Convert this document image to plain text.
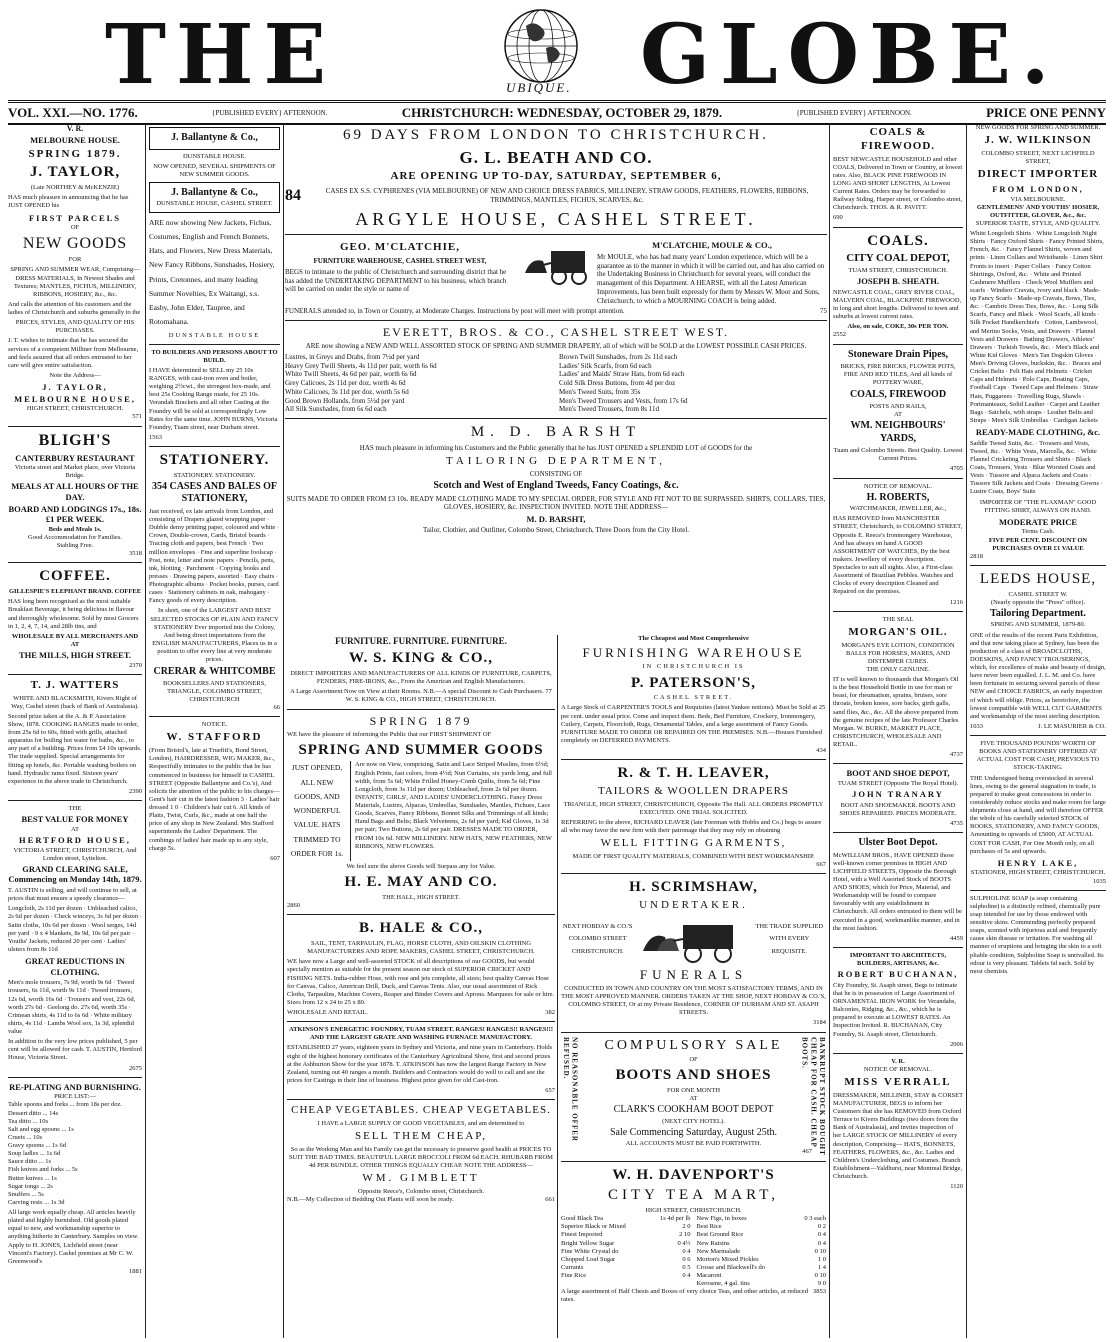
THE	UBIQUE. GLOBE.
VOL. XXI.—NO. 1776.	{PUBLISHED EVERY} AFTERNOON.	CHRISTCHURCH: WEDNESDAY, OCTOBER 29, 1879.	{PUBLISHED EVERY} AFTERNOON.	PRICE ONE PENNY
V. R.
MELBOURNE HOUSE.
SPRING 1879.
J. TAYLOR,
(Late NORTHEY & McKENZIE)

HAS much pleasure in announcing that he has JUST OPENED his

FIRST PARCELS
OF
NEW GOODS
FOR

SPRING AND SUMMER WEAR, Comprising— DRESS MATERIALS, In Newest Shades and Textures; MANTLES, FICHUS, MILLINERY, RIBBONS, HOSIERY, &c., &c.

And calls the attention of his customers and the ladies of Christchurch and suburbs generally to the

PRICES, STYLES, AND QUALITY OF HIS PURCHASES.

J. T. wishes to intimate that he has secured the services of a competent Milliner from Melbourne, and feels assured that all orders entrusted to her care will give entire satisfaction.

Note the Address—

J. TAYLOR,
MELBOURNE HOUSE,
HIGH STREET, CHRISTCHURCH.
571
BLIGH'S
CANTERBURY RESTAURANT
Victoria street and Market place, over Victoria Bridge.
MEALS AT ALL HOURS OF THE DAY.
BOARD AND LODGINGS 17s., 18s. £1 PER WEEK.
Beds and Meals 1s.
Good Accommodation for Families.
Stabling Free.
3518
COFFEE.
GILLESPIE'S ELEPHANT BRAND. COFFEE

HAS long been recognised as the most suitable Breakfast Beverage, it being delicious in flavour and thoroughly wholesome. Sold by most Grocers in 1, 2, 4, 7, 14, and 28lb tins, and

WHOLESALE BY ALL MERCHANTS AND AT
THE MILLS, HIGH STREET.
2370
T. J. WATTERS
WHITE AND BLACKSMITH, Kivers Right of Way, Cashel street (back of Bank of Australasia).

Second prize taken at the A. & P. Association Show, 1878. COOKING RANGES made to order, from 25s 6d to 60s, fitted with grills, attached apparatus for boiling hot water for baths, &c., to any part of a building. Prices from £4 10s upwards. The trade supplied. Special arrangements for fitting up hotels, &c. Portable washing boilers on hand. Hydraulic rams fixed. Sixteen years' experience in the above trade in Christchurch.

2390
THE
BEST VALUE FOR MONEY
AT
HERTFORD HOUSE,
VICTORIA STREET, CHRISTCHURCH, And London street, Lyttelton.
GRAND CLEARING SALE, Commencing on Monday 14th, 1879.

T. AUSTIN is selling, and will continue to sell, at prices that must ensure a speedy clearance—

Longcloth, 2s 11d per dozen · Unbleached calico, 2s 6d per dozen · Check winceys, 3s 6d per dozen · Satin cloths, 10s 6d per dozen · Wool serges, 14d per yard · 9 x 4 blankets, 8s 9d, 10s 6d per pair · Youths' Jackets, reduced 20 per cent · Ladies' ulsters from 8s 11d

GREAT REDUCTIONS IN CLOTHING.

Men's mole trousers, 7s 9d, worth 9s 6d · Tweed trousers, 6s 11d, worth 9s 11d · Tweed trousers, 12s 6d, worth 16s 6d · Trousers and vest, 22s 6d, worth 27s 6d · Geelong do. 27s 6d, worth 35s · Crimean shirts, 4s 11d to 6s 6d · White military shirts, 4s 11d · Lambs Wool sox, 1s 3d, splendid value

In addition to the very low prices published, 5 per cent will be allowed for cash. T. AUSTIN, Hertford House, Victoria Street.

2675
RE-PLATING AND BURNISHING.
PRICE LIST:—
Table spoons and forks ... from 18s per doz.
Dessert ditto ... 14s
Tea ditto ... 10s
Salt and egg spoons ... 1s
Cruets ... 10s
Gravy spoons ... 1s 6d
Soup ladles ... 1s 6d
Sauce ditto ... 1s
Fish knives and forks ... 5s
Butter knives ... 1s
Sugar tongs ... 2s
Snuffers ... 5s
Carving rests ... 1s 3d

All large work equally cheap. All articles heavily plated and highly burnished. Old goods plated equal to new, and workmanship superior to anything hitherto in Canterbury. Samples on view. Apply to H. JONES, Lichfield street (near Vincent's Factory). Cashel premises at Mr C. W. Greenwood's

1881
J. Ballantyne & Co.,
DUNSTABLE HOUSE.

NOW OPENED, SEVERAL SHIPMENTS OF NEW SUMMER GOODS.

J. Ballantyne & Co.,
DUNSTABLE HOUSE, CASHEL STREET.

ARE now showing New Jackets, Fichus, Costumes, English and French Bonnets, Hats, and Flowers, New Dress Materials, New Fancy Ribbons, Sunshades, Hosiery, Prints, Cretonnes, and many leading Summer Novelties, Ex Waitangi, s.s. Easby, John Elder, Taupree, and Rotomahana.

DUNSTABLE HOUSE
TO BUILDERS AND PERSONS ABOUT TO BUILD.

I HAVE determined to SELL my 25 10s RANGES, with cast-iron oven and boiler, weighing 2½cwt., the strongest box-made, and best 25s Cooking Range made, for 25 10s. Verandah Brackets and all other Casting at the Foundry will be sold at correspondingly Low Rates for the same time. JOHN BURNS, Victoria Foundry, Tuam street, near Durham street.

1563
STATIONERY.
STATIONERY. STATIONERY.
354 CASES AND BALES OF STATIONERY,

Just received, ex late arrivals from London, and consisting of Drapers glazed wrapping paper · Dubble demy printing paper, coloured and white · Crown, Double-crown, Cards, Bristol boards · Tracing cloth and papers, best French · Two million envelopes · Fine and superfine foolscap · Post, note, letter and note papers · Pencils, pens, ink, blotting · Parchment · Copying books and presses · Drawing papers, assorted · Easy chairs · Photographic albums · Pocket books, purses, card cases · Stationery cabinets in oak, mahogany · Fancy goods of every description.

In short, one of the LARGEST AND BEST SELECTED STOCKS OF PLAIN AND FANCY STATIONERY Ever imported into the Colony, And being direct importations from the ENGLISH MANUFACTURERS, Places us in a position to offer every line at very moderate prices.

CRERAR & WHITCOMBE
BOOKSELLERS AND STATIONERS, TRIANGLE, COLOMBO STREET, CHRISTCHURCH
66
NOTICE.
W. STAFFORD

(From Bristol's, late at Truefitt's, Bond Street, London), HAIRDRESSER, WIG MAKER, &c., Respectfully intimates to the public that he has commenced in business for himself in CASHEL STREET (Opposite Ballantyne and Co.'s), And solicits the attention of the public to his charges— Gent's hair cut in the latest fashion 3 · Ladies' hair dressed 1 0 · Children's hair cut 6. All kinds of Plaits, Twist, Curls, &c., made at one half the price of any shop in New Zealand. Mrs Stafford superintends the Ladies' Department. The combings of ladies' hair made up to any style, charge 5s.

607
69 DAYS FROM LONDON TO CHRISTCHURCH.
G. L. BEATH AND CO.
ARE OPENING UP TO-DAY, SATURDAY, SEPTEMBER 6,
84	CASES EX S.S. CYPHRENES (VIA MELBOURNE) OF NEW AND CHOICE DRESS FABRICS, MILLINERY, STRAW GOODS, FEATHERS, FLOWERS, RIBBONS, TRIMMINGS, MANTLES, FICHUS, SCARVES, &c.
ARGYLE HOUSE, CASHEL STREET.
GEO. M'CLATCHIE,
FURNITURE WAREHOUSE, CASHEL STREET WEST,

BEGS to intimate to the public of Christchurch and surrounding district that he has added the UNDERTAKING DEPARTMENT to his business, which branch will be carried on under the style or name of

M'CLATCHIE, MOULE & CO.,

Mr MOULE, who has had many years' London experience, which will be a guarantee as to the manner in which it will be carried out, and has also carried on the Undertaking Business in Christchurch for several years, will conduct the management of this Department. A HEARSE, with all the Latest American Improvements, has been built expressly for them by Messrs W. Moor and Sons, Christchurch, to which a MOURNING COACH is being added.

FUNERALS attended to, in Town or Country, at Moderate Charges. Instructions by post will meet with prompt attention.	75
EVERETT, BROS. & CO., CASHEL STREET WEST.

ARE now showing a NEW AND WELL ASSORTED STOCK OF SPRING AND SUMMER DRAPERY, all of which will be SOLD at the LOWEST POSSIBLE CASH PRICES.

Lustres, in Greys and Drabs, from 7½d per yard
Heavy Grey Twill Sheets, 4s 11d per pair, worth 6s 6d
White Twill Sheets, 4s 6d per pair, worth 6s 6d
Grey Calicoes, 2s 11d per doz, worth 4s 6d
White Calicoes, 3s 11d per doz, worth 5s 6d
Good Brown Hollands, from 5½d per yard
All Silk Sunshades, from 6s 6d each
Brown Twill Sunshades, from 2s 11d each
Ladies' Silk Scarfs, from 6d each
Ladies' and Maids' Straw Hats, from 6d each
Cold Silk Dress Buttons, from 4d per doz
Men's Tweed Suits, from 35s
Men's Tweed Trousers and Vests, from 17s 6d
Men's Tweed Trousers, from 8s 11d
M. D. BARSHT

HAS much pleasure in informing his Customers and the Public generally that he has JUST OPENED a SPLENDID LOT of GOODS for the

TAILORING DEPARTMENT,
CONSISTING OF
Scotch and West of England Tweeds, Fancy Coatings, &c.

SUITS MADE TO ORDER FROM £3 10s. READY MADE CLOTHING MADE TO MY SPECIAL ORDER, FOR STYLE AND FIT NOT TO BE SURPASSED. SHIRTS, COLLARS, TIES, GLOVES, HOSIERY, &c. INSPECTION INVITED. NOTE THE ADDRESS—

M. D. BARSHT,
Tailor, Clothier, and Outfitter, Colombo Street, Christchurch, Three Doors from the City Hotel.
FURNITURE. FURNITURE. FURNITURE.
W. S. KING & CO.,

DIRECT IMPORTERS AND MANUFACTURERS OF ALL KINDS OF FURNITURE, CARPETS, FENDERS, FIRE-IRONS, &c., From the American and English Manufacturers.

A Large Assortment Now on View at their Rooms. N.B.—A special Discount to Cash Purchasers. 77 W. S. KING & CO., HIGH STREET, CHRISTCHURCH.

SPRING 1879

WE have the pleasure of informing the Public that our FIRST SHIPMENT OF

SPRING AND SUMMER GOODS
JUST OPENED, ALL NEW GOODS, AND WONDERFUL VALUE. HATS TRIMMED TO ORDER FOR 1s.

Are now on View, comprising, Satin and Lace Striped Muslins, from 6½d; English Prints, fast colors, from 4½d; Nun Curtains, six yards long, and full width, from 5s 6d; White Frilled Honey-Comb Quilts, from 5s 6d; Fine Longcloth, from 3s 11d per dozen; Unbleached, from 2s 6d per dozen. INFANTS', GIRLS', AND LADIES' UNDERCLOTHING. Fancy Dress Materials, Lustres, Alpacas, Umbrellas, Sunshades, Mantles, Fichues, Lace Goods, Scarves, Fancy Ribbons, Bonnet Silks and Trimmings of all kinds; Hand Bags and Belts; Black Velveteens, 2s 6d per yard; Kid Gloves, 1s 3d per pair; Two Buttons, 2s 6d per pair. DRESSES MADE TO ORDER, FROM 10s 6d. NEW MILLINERY. NEW HATS, NEW FEATHERS, NEW RIBBONS, NEW FLOWERS.

We feel sure the above Goods will Surpass any for Value.

H. E. MAY AND CO.
THE HALL, HIGH STREET.
2860
B. HALE & CO.,
SAIL, TENT, TARPAULIN, FLAG, HORSE CLOTH, AND OILSKIN CLOTHING MANUFACTURERS AND ROPE MAKERS, CASHEL STREET, CHRISTCHURCH.

WE have now a Large and well-assorted STOCK of all descriptions of our GOODS, but would specially mention as suitable for the present season our stock of SUPERIOR CRICKET AND FISHING NETS. India-rubber Hose, with rose and jets complete, all sizes; best quality Canvas Hose for Canvas, Calico, American Drill, Duck, and Canvas Tents. Also, our usual assortment of Rick Cloths, Tarpaulins, Machine Covers, Reaper and Binder Covers and Aprons. Marquees for sale or hire. Sizes from 12 x 24 to 25 x 80.

WHOLESALE AND RETAIL.	382
ATKINSON'S ENERGETIC FOUNDRY, TUAM STREET. RANGES! RANGES!! RANGES!!! AND THE LARGEST GRATE AND WASHING FURNACE MANUFACTORY.

ESTABLISHED 27 years, eighteen years in Sydney and Victoria, and nine years in Canterbury. Holds eight of the highest honorary certificates of the Canterbury Agricultural Show, first and second prizes at the Ashburton Show for the year 1878. T. ATKINSON has now the largest Range Factory in New Zealand, turning out 40 ranges a month. Builders and Contractors would do well to call and see the prices for Castings in their line of business. Highest price given for old Cast-iron.

657
CHEAP VEGETABLES. CHEAP VEGETABLES.

I HAVE a LARGE SUPPLY OF GOOD VEGETABLES, and am determined to

SELL THEM CHEAP,

So as the Working Man and his Family can get the necessary to preserve good health at PRICES TO SUIT THE BAD TIMES. BEAUTIFUL LARGE BROCCOLI FROM 6d EACH. RHUBARB FROM 4d PER BUNDLE. OTHER THINGS EQUALLY CHEAP. NOTE THE ADDRESS—

WM. GIMBLETT
Opposite Reece's, Colombo street, Christchurch.
N.B.—My Collection of Bedding Out Plants will soon be ready.	661
The Cheapest and Most Comprehensive
FURNISHING WAREHOUSE
IN CHRISTCHURCH IS
P. PATERSON'S,
CASHEL STREET.

A Large Stock of CARPENTER'S TOOLS and Requisites (latest Yankee notions). Must be Sold at 25 per cent. under usual price. Come and inspect them. Beds, Bed Furniture, Crockery, Ironmongery, Cutlery, Carpets, Floorcloth, Rugs, Ornamental Tables, and a large assortment of Fancy Goods. FURNITURE MADE TO ORDER OR REPAIRED ON THE PREMISES. N.B.—Houses Furnished completely on DEFERRED PAYMENTS.

434
R. & T. H. LEAVER,
TAILORS & WOOLLEN DRAPERS

TRIANGLE, HIGH STREET, CHRISTCHURCH, Opposite The Hall. ALL ORDERS PROMPTLY EXECUTED. ONE TRIAL SOLICITED.

REFERRING to the above, RICHARD LEAVER (late Foreman with Hobbs and Co.) begs to assure all who may favor the new firm with their patronage that they may rely on obtaining

WELL FITTING GARMENTS,
MADE OF FIRST QUALITY MATERIALS, COMBINED WITH BEST WORKMANSHIP.
667
H. SCRIMSHAW,
UNDERTAKER.
NEXT HOBDAY & CO.'S COLOMBO STREET CHRISTCHURCH.
THE TRADE SUPPLIED WITH EVERY REQUISITE.
FUNERALS

CONDUCTED IN TOWN AND COUNTRY ON THE MOST SATISFACTORY TERMS, AND IN THE MOST APPROVED MANNER. ORDERS TAKEN AT THE SHOP, NEXT HOBDAY & CO.'S, COLOMBO STREET, Or at my Private Residence, CORNER OF DURHAM AND ST. ASAPH STREETS.

3184
NO REASONABLE OFFER REFUSED.	BANKRUPT STOCK BOUGHT CHEAP FOR CASH. CHEAP BOOTS.
COMPULSORY SALE
OF
BOOTS AND SHOES
FOR ONE MONTH
AT
CLARK'S COOKHAM BOOT DEPOT
(NEXT CITY HOTEL).
Sale Commencing Saturday, August 25th.
ALL ACCOUNTS MUST BE PAID FORTHWITH.
467
W. H. DAVENPORT'S
CITY TEA MART,
HIGH STREET, CHRISTCHURCH.
Good Black Tea	1s 4d per lb
Superior Black or Mixed	2 0
Finest Imported	2 10
Bright Yellow Sugar	0 4½
Fine White Crystal do	0 4
Chopped Loaf Sugar	0 6
Currants	0 5
Fine Rice	0 4
New Figs, in boxes	0 3 each
Best Rice	0 2
Best Ground Rice	0 4
New Raisins	0 4
New Marmalade	0 10
Morton's Mixed Pickles	1 0
Crosse and Blackwell's do	1 4
Macaroni	0 10
Kerosene, 4 gal. tins	9 0
A large assortment of Half Chests and Boxes of very choice Teas, and other articles, at reduced rates.
3853
COALS & FIREWOOD.

BEST NEWCASTLE HOUSEHOLD and other COALS, Delivered in Town or Country, at lowest rates. Also, BLACK PINE FIREWOOD IN LONG AND SHORT LENGTHS, At Lowest Current Rates. Orders may be forwarded to Railway Siding, Harper street, or Colombo street, Christchurch. THOS. & R. PAVITT.

690
COALS.
CITY COAL DEPOT,
TUAM STREET, CHRISTCHURCH.
JOSEPH B. SHEATH.

NEWCASTLE COAL, GREY RIVER COAL, MALVERN COAL, BLACKPINE FIREWOOD, in long and short lengths. Delivered to town and suburbs at lowest current rates.

Also, on sale, COKE, 30s PER TON.
2552
Stoneware Drain Pipes,

BRICKS, FIRE BRICKS, FLOWER POTS, FIRE AND RED TILES, And all kinds of POTTERY WARE,

COALS, FIREWOOD
POSTS AND RAILS,
AT
WM. NEIGHBOURS' YARDS,

Tuam and Colombo Streets. Best Quality. Lowest Current Prices.

4705
NOTICE OF REMOVAL.
H. ROBERTS,
WATCHMAKER, JEWELLER, &c.,

HAS REMOVED from MANCHESTER STREET, Christchurch, to COLOMBO STREET, Opposite E. Reece's Ironmongery Warehouse, And has always on hand A GOOD ASSORTMENT OF WATCHES, By the best makers. Jewellery of every description. Spectacles to suit all sights. Also, a First-class Assortment of Brazilian Pebbles. Watches and Clocks of every description Cleaned and Repaired on the premises.

1216
THE SEAL
MORGAN'S OIL.
MORGAN'S EYE LOTION, CONDITION BALLS FOR HORSES, MARES, AND DISTEMPER CURES.
THE ONLY GENUINE.

IT is well known to thousands that Morgan's Oil is the best Household Bottle in use for man or beast, for rheumatism, sprains, bruises, sore throats, broken knees, sore backs, girth galls, sand flies, &c., &c. All the above prepared from the genuine recipes of the late Professor Charles Morgan. W. BURKE, MARKET PLACE, CHRISTCHURCH, WHOLESALE AND RETAIL.

4737
BOOT AND SHOE DEPOT,
TUAM STREET (Opposite The Royal Hotel).
JOHN TRANARY

BOOT AND SHOEMAKER. BOOTS AND SHOES REPAIRED. PRICES MODERATE.

4735
Ulster Boot Depot.

McWILLIAM BROS., HAVE OPENED those well-known corner premises in HIGH AND LICHFIELD STREETS, Opposite the Borough Hotel, with a Well Assorted Stock of BOOTS AND SHOES, which for Price, Material, and Workmanship will be found to compare favourably with any establishment in Christchurch. All orders entrusted to them will be executed in a good, workmanlike manner, and in the most fashion.

4459
IMPORTANT TO ARCHITECTS, BUILDERS, ARTISANS, &c.
ROBERT BUCHANAN,

City Foundry, St. Asaph street, Begs to intimate that he is in possession of Large Assortment of ORNAMENTAL IRON WORK for Verandahs, Balconies, Ridging, &c., &c., which he is prepared to execute at LOWEST RATES. An Inspection Invited. R. BUCHANAN, City Foundry, St. Asaph street, Christchurch.

2006
V. R.
NOTICE OF REMOVAL.
MISS VERRALL

DRESSMAKER, MILLINER, STAY & CORSET MANUFACTURER, BEGS to inform her Customers that she has REMOVED from Oxford Terrace to Kivers Buildings (two doors from the Bank of Australasia), and invites inspection of her LARGE STOCK OF MILLINERY of every description, Comprising— HATS, BONNETS, FEATHERS, FLOWERS, &c., &c. Ladies and Children's Underclothing, and Costumes. Branch Establishment—Yaldhurst, near Montreal Bridge, Christchurch.

1120
NEW GOODS FOR SPRING AND SUMMER.
J. W. WILKINSON
COLOMBO STREET, NEXT LICHFIELD STREET,
DIRECT IMPORTER
FROM LONDON,
VIA MELBOURNE.
GENTLEMENS' AND YOUTHS' HOSIER, OUTFITTER, GLOVER, &c., &c.
SUPERIOR TASTE, STYLE, AND QUALITY.

White Longcloth Shirts · White Longcloth Night Shirts · Fancy Oxford Shirts · Fancy Printed Shirts, French, &c. · Fancy Flannel Shirts, woven and prints · Linen Collars and Wristbands · Linen Shirt Fronts to insert · Paper Collars · Fancy Cotton Shirtings, Oxford, &c. · White and Printed Cashmere Mufflers · Check Wool Mufflers and scarfs · Windsor Cravats, ivory and black · Made-up Fancy Scarfs · Made-up Cravats, Bows, Ties, &c. · Cambric Dress Ties, Bows, &c. · Long Silk Scarfs, Fancy and Black · Wool Scarfs, all kinds · Silk Pocket Handkerchiefs · Cotton, Lambswool, and Merino Socks, Vests, and Drawers · Flannel Vests and Drawers · Bathing Drawers, Athletes' Drawers · Turkish Towels, &c. · Men's Black and White Kid Gloves · Men's Tan Dogskin Gloves · Men's Driving Gloves, buckskin, &c. · Braces and Cricket Belts · Felt Hats and Helmets · Cricket Caps and Helmets · Polo Caps, Boating Caps, Football Caps · Tweed Caps and Helmets · Straw Hats, Puggarees · Travelling Rugs, Shawls · Portmanteaux, Solid Leather · Carpet and Leather Bags · Satchels, with straps · Leather Belts and Straps · Men's Silk Umbrellas · Cardigan Jackets

READY-MADE CLOTHING, &c.

Saddle Tweed Suits, &c. · Trousers and Vests, Tweed, &c. · White Vests, Marcella, &c. · White Flannel Cricketing Trousers and Shirts · Black Coats, Trousers, Vests · Blue Worsted Coats and Vests · Tussore and Alpaca Jackets and Coats · Tussore Silk Jackets and Coats · Dressing Gowns · Lustre Coats, Boys' Suits

IMPORTER OF "THE FLAXMAN" GOOD FITTING SHIRT, ALWAYS ON HAND.

MODERATE PRICE
Terms Cash.
FIVE PER CENT. DISCOUNT ON PURCHASES OVER £1 VALUE
2818
LEEDS HOUSE,
CASHEL STREET W.
(Nearly opposite the "Press" office).
Tailoring Department.
SPRING AND SUMMER, 1879-80.

ONE of the results of the recent Paris Exhibition, and that now taking place at Sydney, has been the production of a class of BROADCLOTHS, DOESKINS, AND FANCY TROUSERINGS, which, for excellence of make and beauty of design, have never been equalled. J. L. M. and Co. have been fortunate in securing several parcels of these NEW and CHOICE FABRICS, an early inspection of which will oblige. Prices, as heretofore, the lowest compatible with WELL CUT GARMENTS and workmanship of the most sterling description.

1033	J. LE MASURIER & CO.

FIVE THOUSAND POUNDS' WORTH OF BOOKS AND STATIONERY OFFERED AT ACTUAL COST FOR CASH, PREVIOUS TO STOCK-TAKING.

THE Undersigned being overstocked in several lines, owing to the general stagnation in trade, is prepared to make great concessions in order to considerably reduce stocks and make room for large shipments close at hand, and will therefore OFFER the whole of his carefully selected STOCK of BOOKS, STATIONERY, AND FANCY GOODS, Amounting to upwards of £5000, AT ACTUAL COST FOR CASH, For One Month only, on all purchases of 5s and upwards.

HENRY LAKE,
STATIONER, HIGH STREET, CHRISTCHURCH.
1035

SULPHOLINE SOAP (a soap containing sulpholine) is a distinctly refined, chemically pure soap intended for use by those endowed with sensitive skins. Commending perfectly prepared soaps, scented with injurious acid and frequently cause skin disease or irritation. For washing all manner of eruptions and bringing the skin to a soft pliable condition, Sulpholine Soap is unrivalled. Its odour is very pleasant. Tablets 6d each. Sold by most chemists.
